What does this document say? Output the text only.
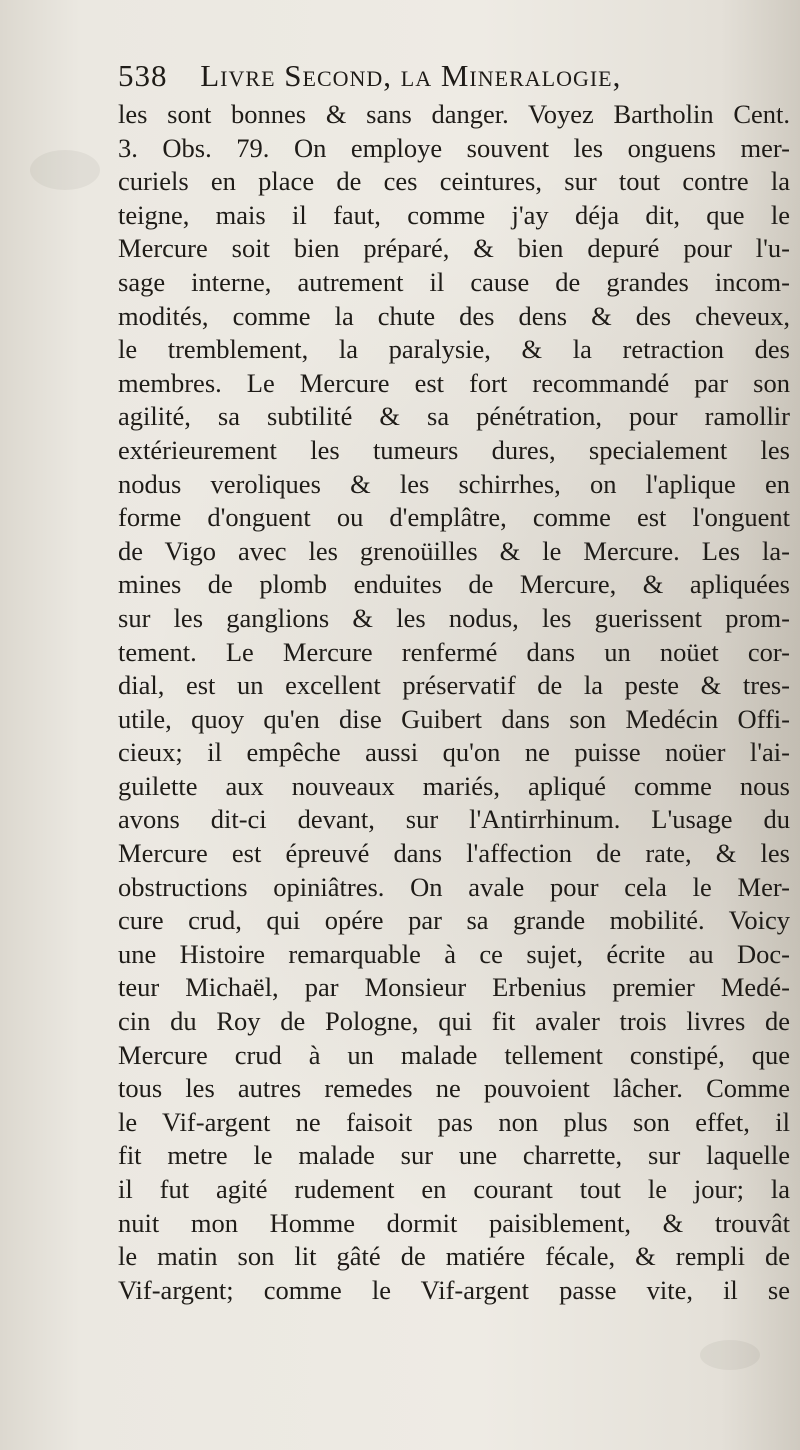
538 Livre Second, la Mineralogie,
les sont bonnes & sans danger. Voyez Bartholin Cent.
3. Obs. 79. On employe souvent les onguens mer-
curiels en place de ces ceintures, sur tout contre la
teigne, mais il faut, comme j'ay déja dit, que le
Mercure soit bien préparé, & bien depuré pour l'u-
sage interne, autrement il cause de grandes incom-
modités, comme la chute des dens & des cheveux,
le tremblement, la paralysie, & la retraction des
membres. Le Mercure est fort recommandé par son
agilité, sa subtilité & sa pénétration, pour ramollir
extérieurement les tumeurs dures, specialement les
nodus veroliques & les schirrhes, on l'aplique en
forme d'onguent ou d'emplâtre, comme est l'onguent
de Vigo avec les grenoüilles & le Mercure. Les la-
mines de plomb enduites de Mercure, & apliquées
sur les ganglions & les nodus, les guerissent prom-
tement. Le Mercure renfermé dans un noüet cor-
dial, est un excellent préservatif de la peste & tres-
utile, quoy qu'en dise Guibert dans son Medécin Offi-
cieux; il empêche aussi qu'on ne puisse noüer l'ai-
guilette aux nouveaux mariés, apliqué comme nous
avons dit-ci devant, sur l'Antirrhinum. L'usage du
Mercure est épreuvé dans l'affection de rate, & les
obstructions opiniâtres. On avale pour cela le Mer-
cure crud, qui opére par sa grande mobilité. Voicy
une Histoire remarquable à ce sujet, écrite au Doc-
teur Michaël, par Monsieur Erbenius premier Medé-
cin du Roy de Pologne, qui fit avaler trois livres de
Mercure crud à un malade tellement constipé, que
tous les autres remedes ne pouvoient lâcher. Comme
le Vif-argent ne faisoit pas non plus son effet, il
fit metre le malade sur une charrette, sur laquelle
il fut agité rudement en courant tout le jour; la
nuit mon Homme dormit paisiblement, & trouvât
le matin son lit gâté de matiére fécale, & rempli de
Vif-argent; comme le Vif-argent passe vite, il se
